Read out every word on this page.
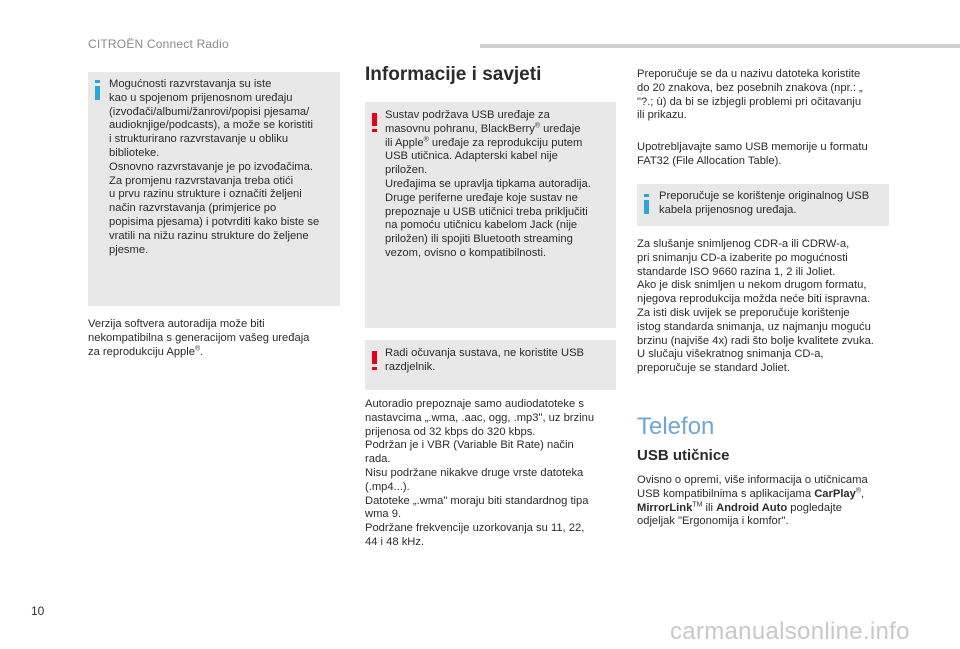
CITROËN Connect Radio

Mogućnosti razvrstavanja su iste
kao u spojenom prijenosnom uređaju
(izvođači/albumi/žanrovi/popisi pjesama/
audioknjige/podcasts), a može se koristiti
i strukturirano razvrstavanje u obliku
biblioteke.
Osnovno razvrstavanje je po izvođačima.
Za promjenu razvrstavanja treba otići
u prvu razinu strukture i označiti željeni
način razvrstavanja (primjerice po
popisima pjesama) i potvrditi kako biste se
vratili na nižu razinu strukture do željene
pjesme.

Verzija softvera autoradija može biti
nekompatibilna s generacijom vašeg uređaja
za reprodukciju Apple®.

Informacije i savjeti
Sustav podržava USB uređaje za
masovnu pohranu, BlackBerry® uređaje
ili Apple® uređaje za reprodukciju putem
USB utičnica. Adapterski kabel nije
priložen.
Uređajima se upravlja tipkama autoradija.
Druge periferne uređaje koje sustav ne
prepoznaje u USB utičnici treba priključiti
na pomoću utičnicu kabelom Jack (nije
priložen) ili spojiti Bluetooth streaming
vezom, ovisno o kompatibilnosti.

Radi očuvanja sustava, ne koristite USB
razdjelnik.

Autoradio prepoznaje samo audiodatoteke s
nastavcima „.wma, .aac, ogg, .mp3", uz brzinu
prijenosa od 32 kbps do 320 kbps.
Podržan je i VBR (Variable Bit Rate) način
rada.
Nisu podržane nikakve druge vrste datoteka
(.mp4...).
Datoteke „.wma" moraju biti standardnog tipa
wma 9.
Podržane frekvencije uzorkovanja su 11, 22,
44 i 48 kHz.

Preporučuje se da u nazivu datoteka koristite
do 20 znakova, bez posebnih znakova (npr.: „
"?.; ù) da bi se izbjegli problemi pri očitavanju
ili prikazu.

Upotrebljavajte samo USB memorije u formatu
FAT32 (File Allocation Table).

Preporučuje se korištenje originalnog USB
kabela prijenosnog uređaja.

Za slušanje snimljenog CDR-a ili CDRW-a,
pri snimanju CD-a izaberite po mogućnosti
standarde ISO 9660 razina 1, 2 ili Joliet.
Ako je disk snimljen u nekom drugom formatu,
njegova reprodukcija možda neće biti ispravna.
Za isti disk uvijek se preporučuje korištenje
istog standarda snimanja, uz najmanju moguću
brzinu (najviše 4x) radi što bolje kvalitete zvuka.
U slučaju višekratnog snimanja CD-a,
preporučuje se standard Joliet.

Telefon
USB utičnice

Ovisno o opremi, više informacija o utičnicama
USB kompatibilnima s aplikacijama CarPlay®,
MirrorLink™ ili Android Auto pogledajte
odjeljak "Ergonomija i komfor".

10
carmanualsonline.info
